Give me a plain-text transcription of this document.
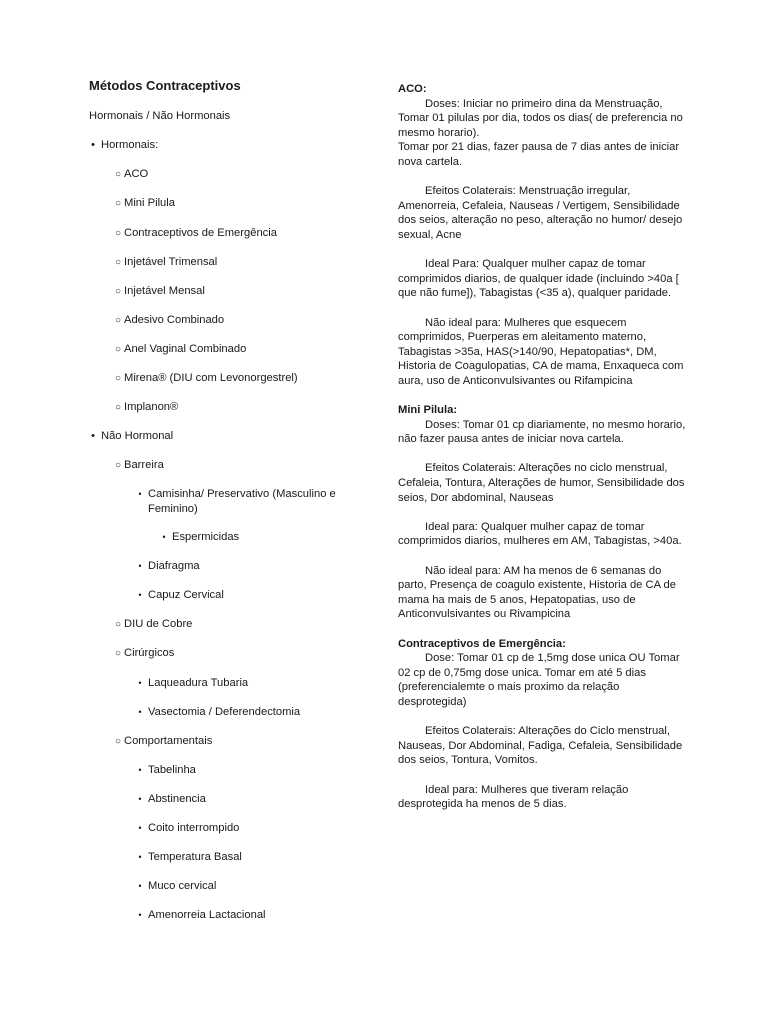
Métodos Contraceptivos
Hormonais / Não Hormonais
• Hormonais:
○ ACO
○ Mini Pilula
○ Contraceptivos de Emergência
○ Injetável Trimensal
○ Injetável Mensal
○ Adesivo Combinado
○ Anel Vaginal Combinado
○ Mirena® (DIU com Levonorgestrel)
○ Implanon®
• Não Hormonal
○ Barreira
• Camisinha/ Preservativo (Masculino e Feminino)
• Espermicidas
• Diafragma
• Capuz Cervical
○ DIU de Cobre
○ Cirúrgicos
• Laqueadura Tubaria
• Vasectomia / Deferendectomia
○ Comportamentais
• Tabelinha
• Abstinencia
• Coito interrompido
• Temperatura Basal
• Muco cervical
• Amenorreia Lactacional
ACO:

Doses: Iniciar no primeiro dina da Menstruação, Tomar 01 pilulas por dia, todos os dias( de preferencia no mesmo horario).

Tomar por 21 dias, fazer pausa de 7 dias antes de iniciar nova cartela.

Efeitos Colaterais: Menstruação irregular, Amenorreia, Cefaleia, Nauseas / Vertigem, Sensibilidade dos seios, alteração no peso, alteração no humor/ desejo sexual, Acne

Ideal Para: Qualquer mulher capaz de tomar comprimidos diarios, de qualquer idade (incluindo >40a [ que não fume]), Tabagistas (<35 a), qualquer paridade.

Não ideal para: Mulheres que esquecem comprimidos, Puerperas em aleitamento materno, Tabagistas >35a, HAS(>140/90, Hepatopatias*, DM, Historia de Coagulopatias, CA de mama, Enxaqueca com aura, uso de Anticonvulsivantes ou Rifampicina

Mini Pilula:

Doses: Tomar 01 cp diariamente, no mesmo horario, não fazer pausa antes de iniciar nova cartela.

Efeitos Colaterais: Alterações no ciclo menstrual, Cefaleia, Tontura, Alterações de humor, Sensibilidade dos seios, Dor abdominal, Nauseas

Ideal para: Qualquer mulher capaz de tomar comprimidos diarios, mulheres em AM, Tabagistas, >40a.

Não ideal para: AM ha menos de 6 semanas do parto, Presença de coagulo existente, Historia de CA de mama ha mais de 5 anos, Hepatopatias, uso de Anticonvulsivantes ou Rivampicina

Contraceptivos de Emergência:

Dose: Tomar 01 cp de 1,5mg dose unica OU Tomar 02 cp de 0,75mg dose unica. Tomar em até 5 dias (preferencialemte o mais proximo da relação desprotegida)

Efeitos Colaterais: Alterações do Ciclo menstrual, Nauseas, Dor Abdominal, Fadiga, Cefaleia, Sensibilidade dos seios, Tontura, Vomitos.

Ideal para: Mulheres que tiveram relação desprotegida ha menos de 5 dias.
